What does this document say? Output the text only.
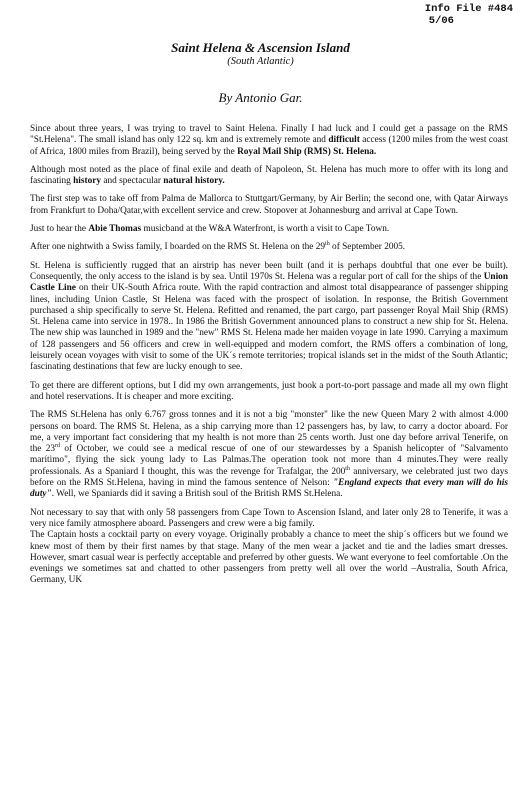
Info File #484
5/06
Saint Helena & Ascension Island
(South Atlantic)
By Antonio Gar.

Since about three years, I was trying to travel to Saint Helena. Finally I had luck and I could get a passage on the RMS "St.Helena". The small island has only 122 sq. km and is extremely remote and difficult access (1200 miles from the west coast of Africa, 1800 miles from Brazil), being served by the Royal Mail Ship (RMS) St. Helena.

Although most noted as the place of final exile and death of Napoleon, St. Helena has much more to offer with its long and fascinating history and spectacular natural history.

The first step was to take off from Palma de Mallorca to Stuttgart/Germany, by Air Berlin; the second one, with Qatar Airways from Frankfurt to Doha/Qatar,with excellent service and crew. Stopover at Johannesburg and arrival at Cape Town.

Just to hear the Abie Thomas musicband at the W&A Waterfront, is worth a visit to Cape Town.

After one nightwith a Swiss family, I boarded on the RMS St. Helena on the 29th of September 2005.

St. Helena is sufficiently rugged that an airstrip has never been built (and it is perhaps doubtful that one ever be built). Consequently, the only access to the island is by sea. Until 1970s St. Helena was a regular port of call for the ships of the Union Castle Line on their UK-South Africa route. With the rapid contraction and almost total disappearance of passenger shipping lines, including Union Castle, St Helena was faced with the prospect of isolation. In response, the British Government purchased a ship specifically to serve St. Helena. Refitted and renamed, the part cargo, part passenger Royal Mail Ship (RMS) St. Helena came into service in 1978.. In 1986 the British Government announced plans to construct a new ship for St. Helena. The new ship was launched in 1989 and the "new" RMS St. Helena made her maiden voyage in late 1990. Carrying a maximum of 128 passengers and 56 officers and crew in well-equipped and modern comfort, the RMS offers a combination of long, leisurely ocean voyages with visit to some of the UK´s remote territories; tropical islands set in the midst of the South Atlantic; fascinating destinations that few are lucky enough to see.

To get there are different options, but I did my own arrangements, just book a port-to-port passage and made all my own flight and hotel reservations. It is cheaper and more exciting.

The RMS St.Helena has only 6.767 gross tonnes and it is not a big "monster" like the new Queen Mary 2 with almost 4.000 persons on board. The RMS St. Helena, as a ship carrying more than 12 passengers has, by law, to carry a doctor aboard. For me, a very important fact considering that my health is not more than 25 cents worth. Just one day before arrival Tenerife, on the 23rd of October, we could see a medical rescue of one of our stewardesses by a Spanish helicopter of "Salvamento marítimo", flying the sick young lady to Las Palmas.The operation took not more than 4 minutes.They were really professionals. As a Spaniard I thought, this was the revenge for Trafalgar, the 200th anniversary, we celebrated just two days before on the RMS St.Helena, having in mind the famous sentence of Nelson: "England expects that every man will do his duty". Well, we Spaniards did it saving a British soul of the British RMS St.Helena.

Not necessary to say that with only 58 passengers from Cape Town to Ascension Island, and later only 28 to Tenerife, it was a very nice family atmosphere aboard. Passengers and crew were a big family.

The Captain hosts a cocktail party on every voyage. Originally probably a chance to meet the ship´s officers but we found we knew most of them by their first names by that stage. Many of the men wear a jacket and tie and the ladies smart dresses. However, smart casual wear is perfectly acceptable and preferred by other guests. We want everyone to feel comfortable .On the evenings we sometimes sat and chatted to other passengers from pretty well all over the world –Australia, South Africa, Germany, UK
